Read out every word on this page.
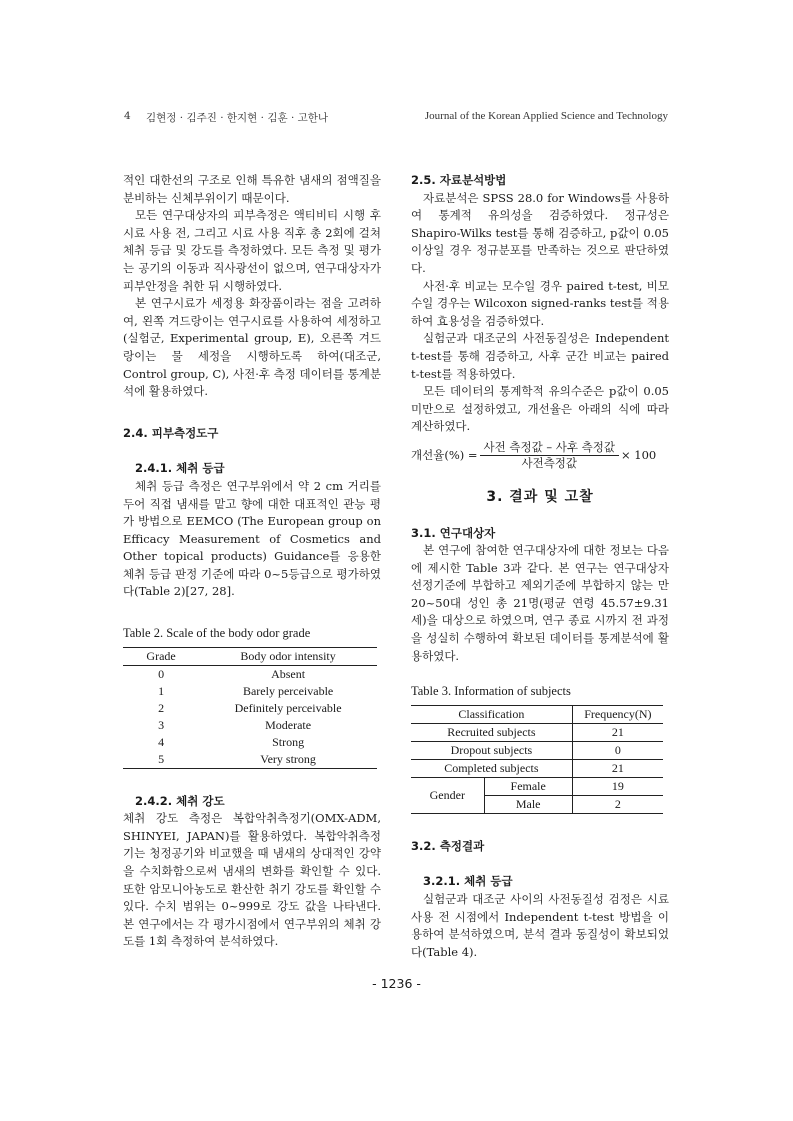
4 김현정 · 김주진 · 한지현 · 김훈 · 고한나	Journal of the Korean Applied Science and Technology

적인 대한선의 구조로 인해 특유한 냄새의 점액질을 분비하는 신체부위이기 때문이다.

모든 연구대상자의 피부측정은 액티비티 시행 후 시료 사용 전, 그리고 시료 사용 직후 총 2회에 걸쳐 체취 등급 및 강도를 측정하였다. 모든 측정 및 평가는 공기의 이동과 직사광선이 없으며, 연구대상자가 피부안정을 취한 뒤 시행하였다.

본 연구시료가 세정용 화장품이라는 점을 고려하여, 왼쪽 겨드랑이는 연구시료를 사용하여 세정하고(실험군, Experimental group, E), 오른쪽 겨드랑이는 물 세정을 시행하도록 하여(대조군, Control group, C), 사전·후 측정 데이터를 통계분석에 활용하였다.

2.4. 피부측정도구

2.4.1. 체취 등급

체취 등급 측정은 연구부위에서 약 2 cm 거리를 두어 직접 냄새를 맡고 향에 대한 대표적인 관능 평가 방법으로 EEMCO (The European group on Efficacy Measurement of Cosmetics and Other topical products) Guidance를 응용한 체취 등급 판정 기준에 따라 0~5등급으로 평가하였다(Table 2)[27, 28].

Table 2. Scale of the body odor grade

Grade	Body odor intensity
0	Absent
1	Barely perceivable
2	Definitely perceivable
3	Moderate
4	Strong
5	Very strong

2.4.2. 체취 강도

체취 강도 측정은 복합악취측정기(OMX-ADM, SHINYEI, JAPAN)를 활용하였다. 복합악취측정기는 청정공기와 비교했을 때 냄새의 상대적인 강약을 수치화함으로써 냄새의 변화를 확인할 수 있다. 또한 암모니아농도로 환산한 취기 강도를 확인할 수 있다. 수치 범위는 0~999로 강도 값을 나타낸다. 본 연구에서는 각 평가시점에서 연구부위의 체취 강도를 1회 측정하여 분석하였다.

2.5. 자료분석방법

자료분석은 SPSS 28.0 for Windows를 사용하여 통계적 유의성을 검증하였다. 정규성은 Shapiro-Wilks test를 통해 검증하고, p값이 0.05 이상일 경우 정규분포를 만족하는 것으로 판단하였다.

사전·후 비교는 모수일 경우 paired t-test, 비모수일 경우는 Wilcoxon signed-ranks test를 적용하여 효용성을 검증하였다.

실험군과 대조군의 사전동질성은 Independent t-test를 통해 검증하고, 사후 군간 비교는 paired t-test를 적용하였다.

모든 데이터의 통계학적 유의수준은 p값이 0.05 미만으로 설정하였고, 개선율은 아래의 식에 따라 계산하였다.

개선율(%) = $\frac{\text{사전 측정값 – 사후 측정값}}{\text{사전측정값}} \times 100$

3. 결과 및 고찰

3.1. 연구대상자

본 연구에 참여한 연구대상자에 대한 정보는 다음에 제시한 Table 3과 같다. 본 연구는 연구대상자 선정기준에 부합하고 제외기준에 부합하지 않는 만 20~50대 성인 총 21명(평균 연령 45.57±9.31세)을 대상으로 하였으며, 연구 종료 시까지 전 과정을 성실히 수행하여 확보된 데이터를 통계분석에 활용하였다.

Table 3. Information of subjects

Classification		Frequency(N)
Recruited subjects		21
Dropout subjects		0
Completed subjects		21
Gender	Female	19
	Male	2

3.2. 측정결과

3.2.1. 체취 등급

실험군과 대조군 사이의 사전동질성 검정은 시료 사용 전 시점에서 Independent t-test 방법을 이용하여 분석하였으며, 분석 결과 동질성이 확보되었다(Table 4).

- 1236 -
